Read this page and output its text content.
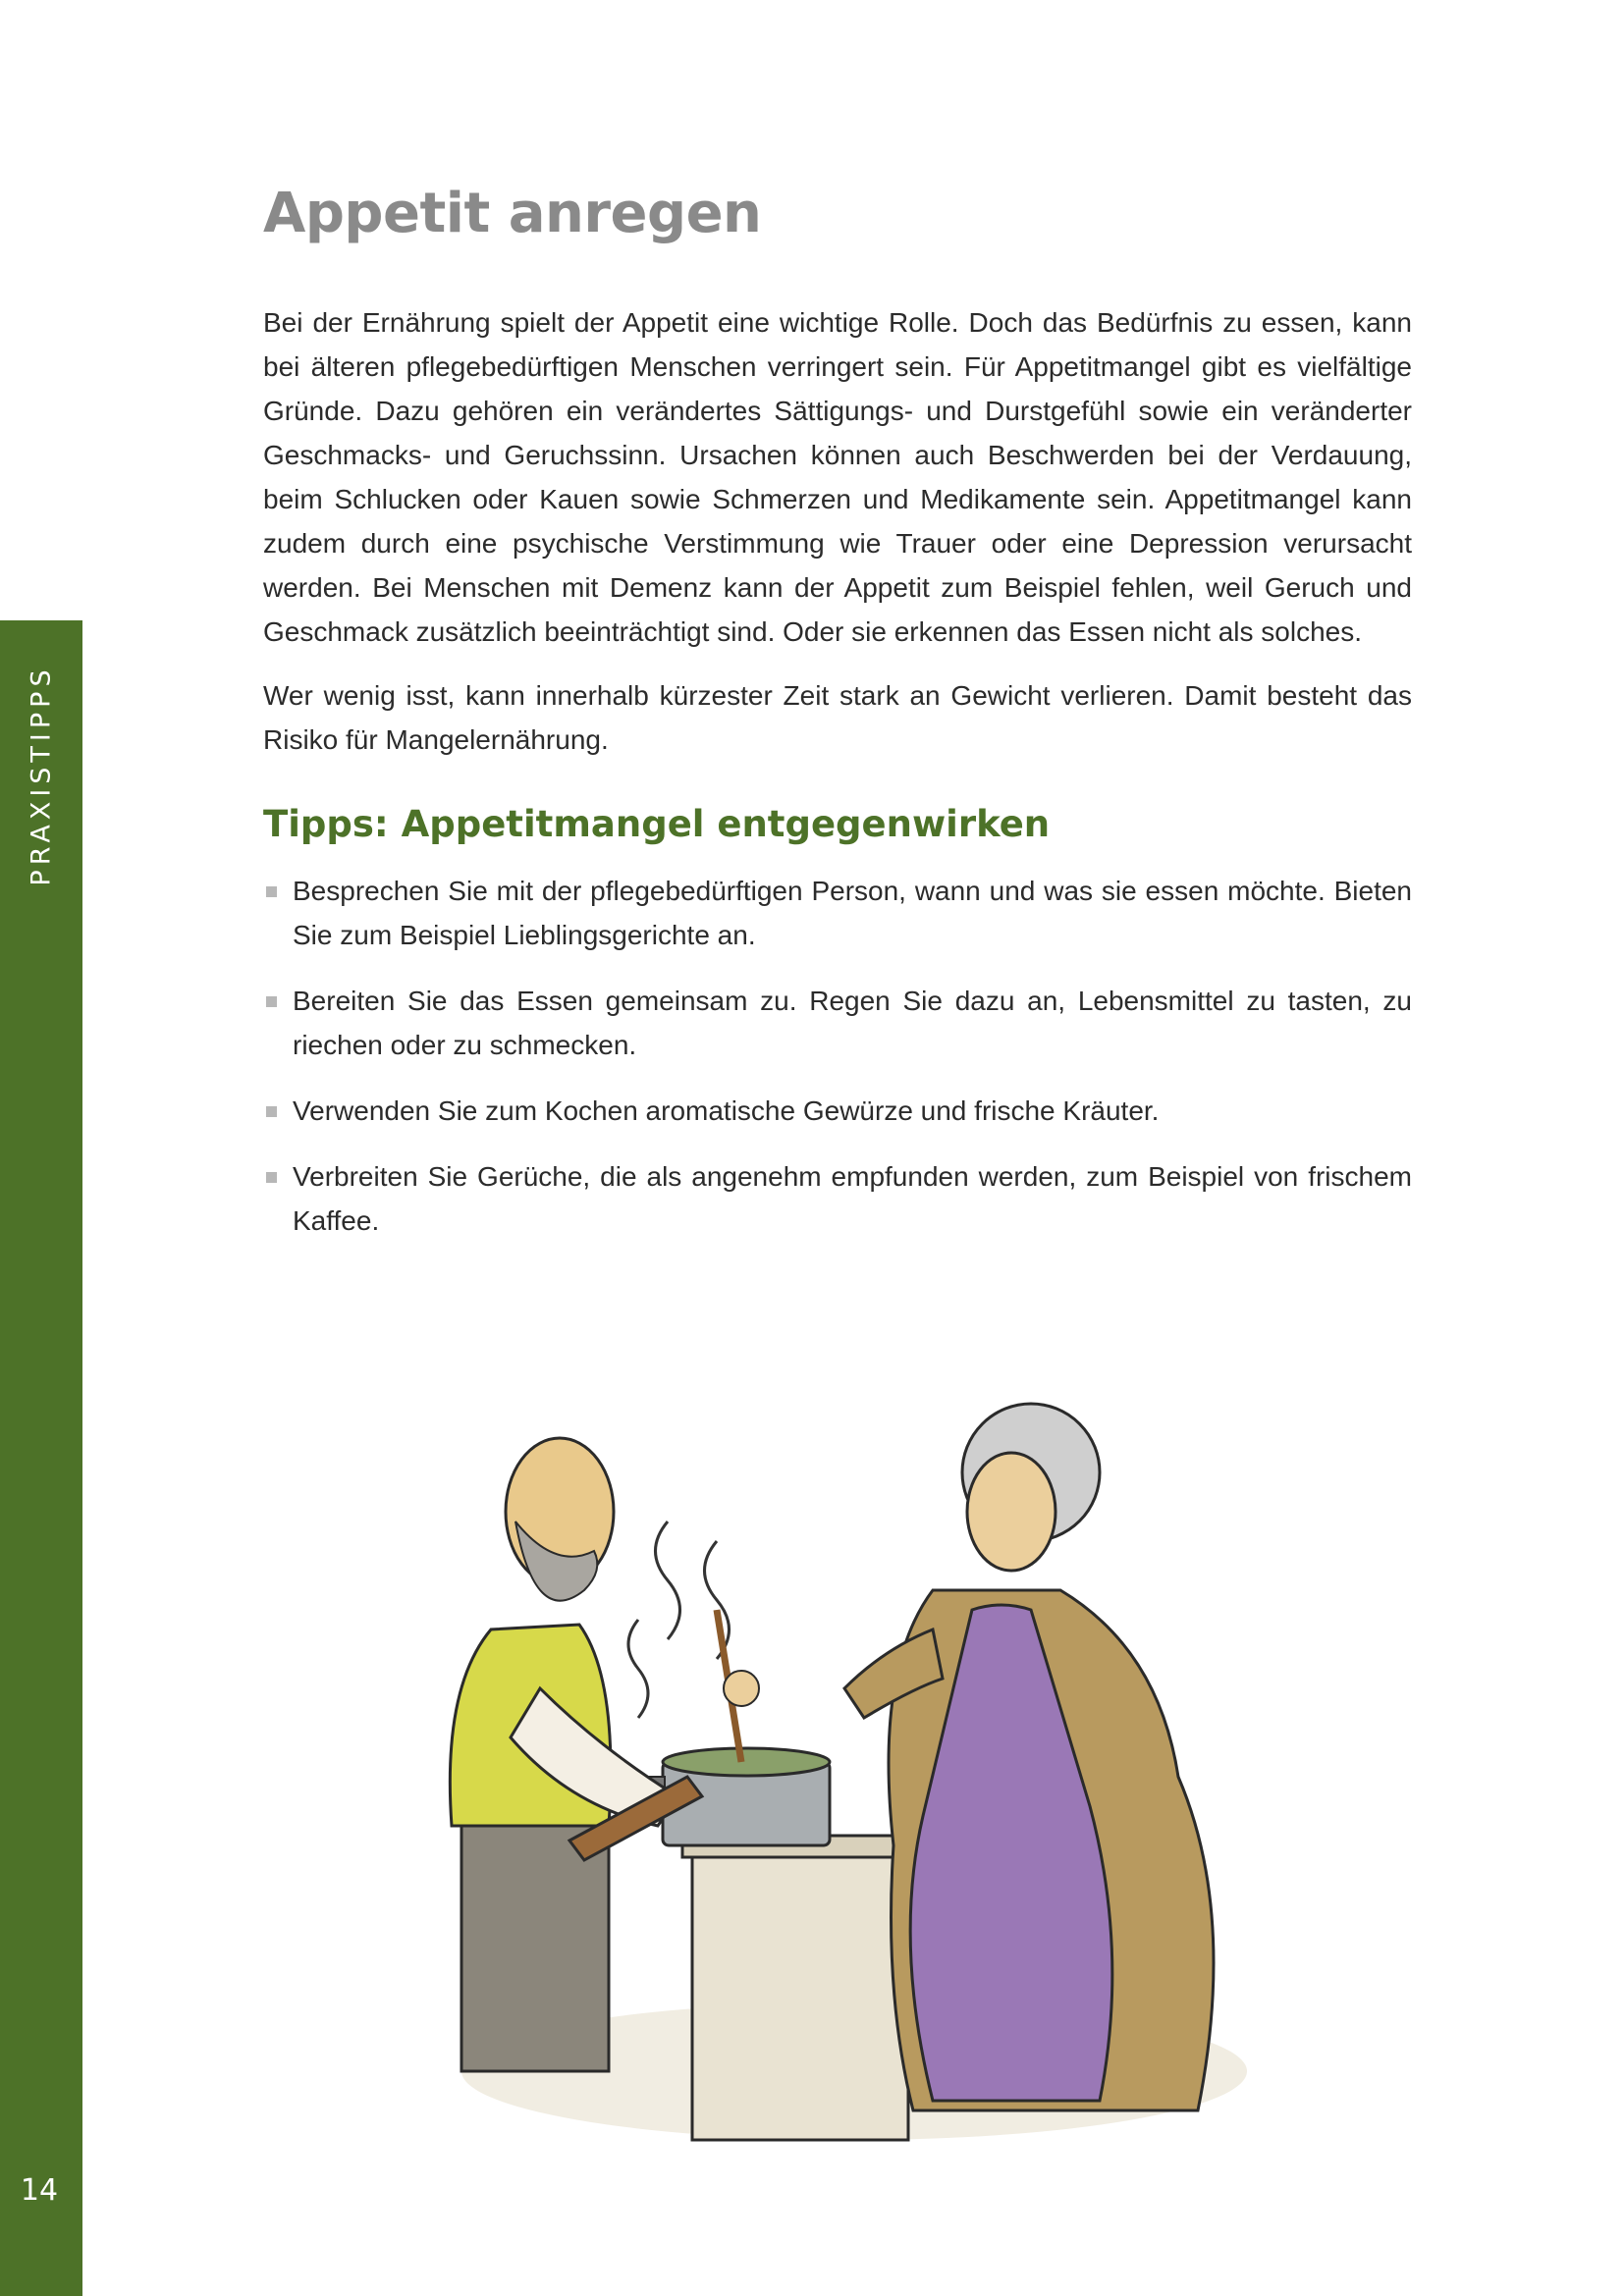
PRAXISTIPPS
14
Appetit anregen

Bei der Ernährung spielt der Appetit eine wichtige Rolle. Doch das Bedürfnis zu essen, kann bei älteren pflegebedürftigen Menschen verringert sein. Für Appetitmangel gibt es vielfältige Gründe. Dazu gehören ein verändertes Sättigungs- und Durstgefühl sowie ein veränderter Geschmacks- und Geruchssinn. Ursachen können auch Beschwerden bei der Verdauung, beim Schlucken oder Kauen sowie Schmerzen und Medikamente sein. Appetitmangel kann zudem durch eine psychische Verstimmung wie Trauer oder eine Depression verursacht werden. Bei Menschen mit Demenz kann der Appetit zum Beispiel fehlen, weil Geruch und Geschmack zusätzlich beeinträchtigt sind. Oder sie erkennen das Essen nicht als solches.

Wer wenig isst, kann innerhalb kürzester Zeit stark an Gewicht verlieren. Damit besteht das Risiko für Mangelernährung.

Tipps: Appetitmangel entgegenwirken
Besprechen Sie mit der pflegebedürftigen Person, wann und was sie essen möchte. Bieten Sie zum Beispiel Lieblingsgerichte an.
Bereiten Sie das Essen gemeinsam zu. Regen Sie dazu an, Lebensmittel zu tasten, zu riechen oder zu schmecken.
Verwenden Sie zum Kochen aromatische Gewürze und frische Kräuter.
Verbreiten Sie Gerüche, die als angenehm empfunden werden, zum Beispiel von frischem Kaffee.
